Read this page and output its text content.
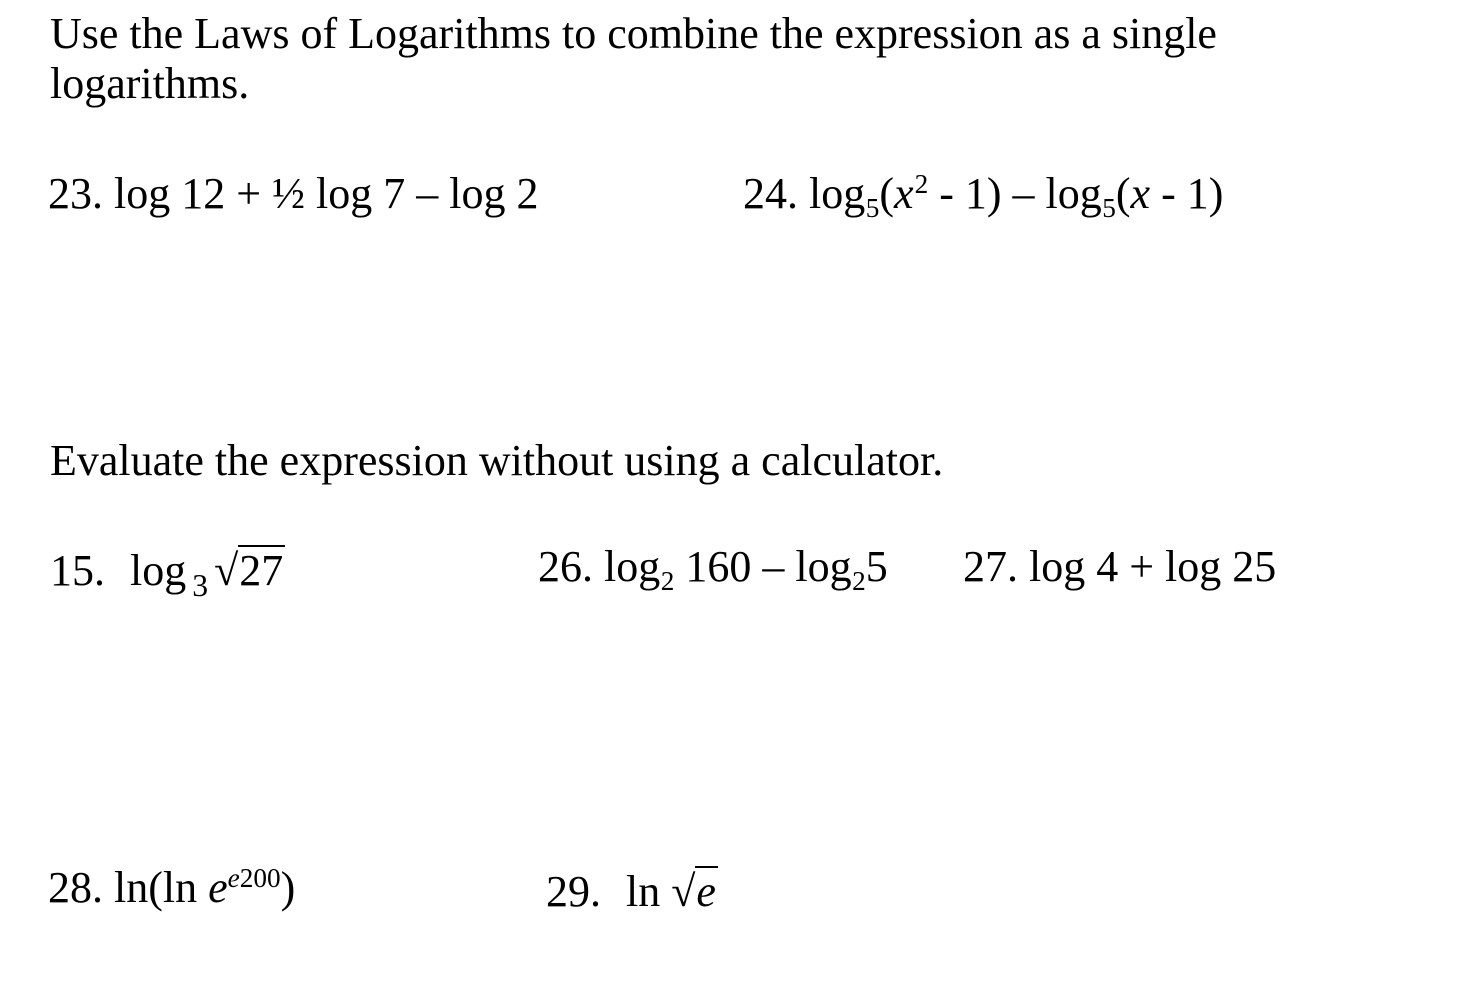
Use the Laws of Logarithms to combine the expression as a single logarithms.
23. log 12 + ½ log 7 – log 2	24. $\log 5(x^2 - 1) - \log 5(x - 1)$
Evaluate the expression without using a calculator.
15. log $_3$ √27	26. log2 160 – log25 27. log 4 + log 25
28. ln(ln $e^{e200}$)	29. ln √e
